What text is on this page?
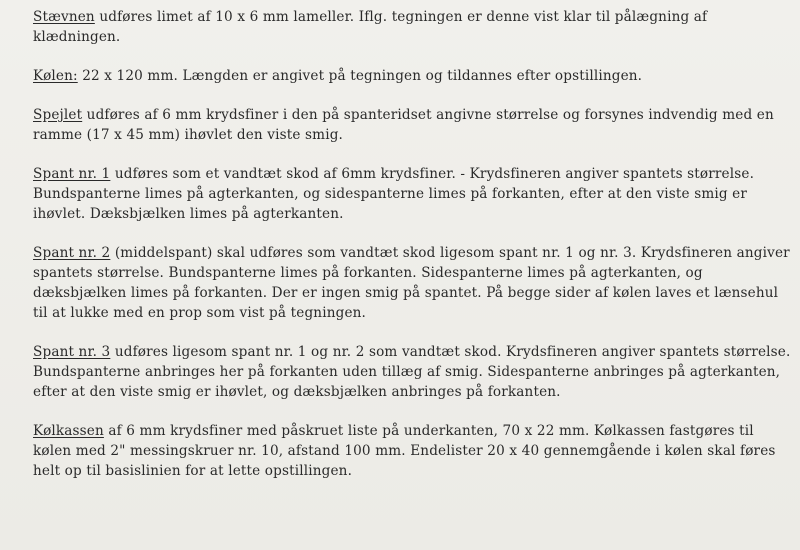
Stævnen udføres limet af 10 x 6 mm lameller. Iflg. tegningen er denne vist klar til pålægning af klædningen.

Kølen: 22 x 120 mm. Længden er angivet på tegningen og tildannes efter opstillingen.

Spejlet udføres af 6 mm krydsfiner i den på spanteridset angivne størrelse og forsynes indvendig med en ramme (17 x 45 mm) ihøvlet den viste smig.

Spant nr. 1 udføres som et vandtæt skod af 6mm krydsfiner. - Krydsfineren angiver spantets størrelse. Bundspanterne limes på agterkanten, og sidespanterne limes på forkanten, efter at den viste smig er ihøvlet. Dæksbjælken limes på agterkanten.

Spant nr. 2 (middelspant) skal udføres som vandtæt skod ligesom spant nr. 1 og nr. 3. Krydsfineren angiver spantets størrelse. Bundspanterne limes på forkanten. Sidespanterne limes på agterkanten, og dæksbjælken limes på forkanten. Der er ingen smig på spantet. På begge sider af kølen laves et lænsehul til at lukke med en prop som vist på tegningen.

Spant nr. 3 udføres ligesom spant nr. 1 og nr. 2 som vandtæt skod. Krydsfineren angiver spantets størrelse. Bundspanterne anbringes her på forkanten uden tillæg af smig. Sidespanterne anbringes på agterkanten, efter at den viste smig er ihøvlet, og dæksbjælken anbringes på forkanten.

Kølkassen af 6 mm krydsfiner med påskruet liste på underkanten, 70 x 22 mm. Kølkassen fastgøres til kølen med 2" messingskruer nr. 10, afstand 100 mm. Endelister 20 x 40 gennemgående i kølen skal føres helt op til basislinien for at lette opstillingen.
